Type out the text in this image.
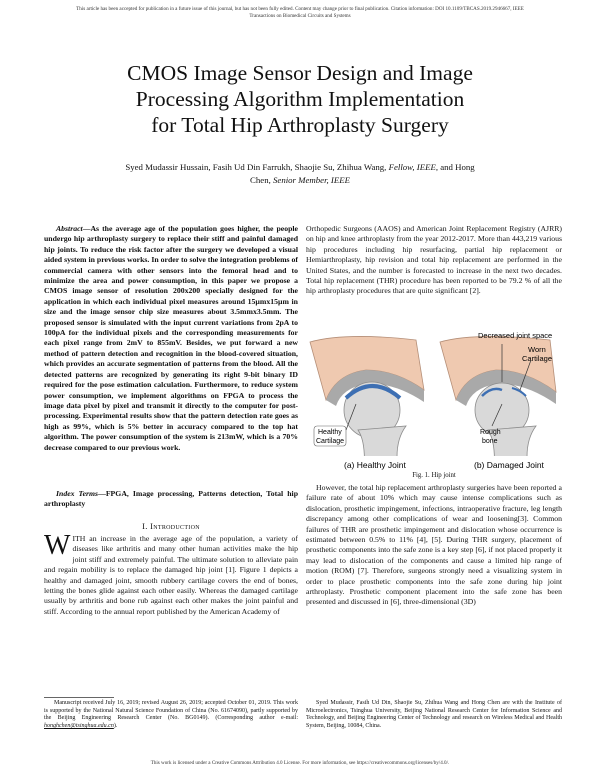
This article has been accepted for publication in a future issue of this journal, but has not been fully edited. Content may change prior to final publication. Citation information: DOI 10.1109/TBCAS.2019.2946667, IEEE
Transactions on Biomedical Circuits and Systems
CMOS Image Sensor Design and Image
Processing Algorithm Implementation
for Total Hip Arthroplasty Surgery
Syed Mudassir Hussain, Fasih Ud Din Farrukh, Shaojie Su, Zhihua Wang, Fellow, IEEE, and Hong
Chen, Senior Member, IEEE
Abstract—As the average age of the population goes higher, the people undergo hip arthroplasty surgery to replace their stiff and painful damaged hip joints. To reduce the risk factor after the surgery we developed a visual aided system in previous works. In order to solve the integration problems of commercial camera with other sensors into the femoral head and to minimize the area and power consumption, in this paper we propose a CMOS image sensor of resolution 200x200 specially designed for the application in which each individual pixel measures around 15µmx15µm in size and the image sensor chip size measures about 3.5mmx3.5mm. The proposed sensor is simulated with the input current variations from 2pA to 100pA for the individual pixels and the corresponding measurements for each pixel range from 2mV to 855mV. Besides, we put forward a new method of pattern detection and recognition in the blood-covered situation, which provides an accurate segmentation of patterns from the blood. All the detected patterns are recognized by generating its right 9-bit binary ID required for the pose estimation calculation. Furthermore, to reduce system power consumption, we implement algorithms on FPGA to process the image data pixel by pixel and transmit it directly to the computer for post-processing. Experimental results show that the pattern detection rate goes as high as 99%, which is 5% better in accuracy compared to the top hat algorithm. The power consumption of the system is 213mW, which is a 70% decrease compared to our previous work.
Index Terms—FPGA, Image processing, Patterns detection, Total hip arthroplasty
I. Introduction
WITH an increase in the average age of the population, a variety of diseases like arthritis and many other human activities make the hip joint stiff and extremely painful. The ultimate solution to alleviate pain and regain mobility is to replace the damaged hip joint [1]. Figure 1 depicts a healthy and damaged joint, smooth rubbery cartilage covers the end of bones, letting the bones glide against each other easily. Whereas the damaged cartilage usually by arthritis and bone rub against each other makes the joint painful and stiff. According to the annual report published by the American Academy of
Orthopedic Surgeons (AAOS) and American Joint Replacement Registry (AJRR) on hip and knee arthroplasty from the year 2012-2017. More than 443,219 various hip procedures including hip resurfacing, partial hip replacement or Hemiarthroplasty, hip revision and total hip replacement are performed in the United States, and the number is forecasted to increase in the next two decades. Total hip replacement (THR) procedure has been reported to be 79.2 % of all the hip arthroplasty procedures that are quite significant [2].
Decreased joint space
Worn
Cartilage
Healthy
Cartilage
Rough
bone
(a) Healthy Joint	(b) Damaged Joint
Fig. 1. Hip joint
However, the total hip replacement arthroplasty surgeries have been reported a failure rate of about 10% which may cause intense complications such as dislocation, prosthetic impingement, infections, intraoperative fracture, leg length discrepancy among other complications of wear and loosening[3]. Common failures of THR are prosthetic impingement and dislocation whose occurrence is estimated between 0.5% to 11% [4], [5]. During THR surgery, placement of prosthetic components into the safe zone is a key step [6], if not placed properly it may lead to dislocation of the components and cause a limited hip range of motion (ROM) [7]. Therefore, surgeons strongly need a visualizing system in order to place prosthetic components into the safe zone during hip joint arthroplasty. Prosthetic component placement into the safe zone has been presented and discussed in [6], three-dimensional (3D)
Manuscript received July 16, 2019; revised August 26, 2019; accepted October 01, 2019. This work is supported by the National Natural Science Foundation of China (No. 61674090), partly supported by the Beijing Engineering Research Center (No. BG0149). (Corresponding author e-mail: honghchen@tsinghua.edu.cn).
Syed Mudassir, Fasih Ud Din, Shaojie Su, Zhihua Wang and Hong Chen are with the Institute of Microelectronics, Tsinghua University, Beijing National Research Center for Information Science and Technology, and Beijing Engineering Center of Technology and research on Wireless Medical and Health System, Beijing, 10084, China.
This work is licensed under a Creative Commons Attribution 4.0 License. For more information, see https://creativecommons.org/licenses/by/4.0/.
